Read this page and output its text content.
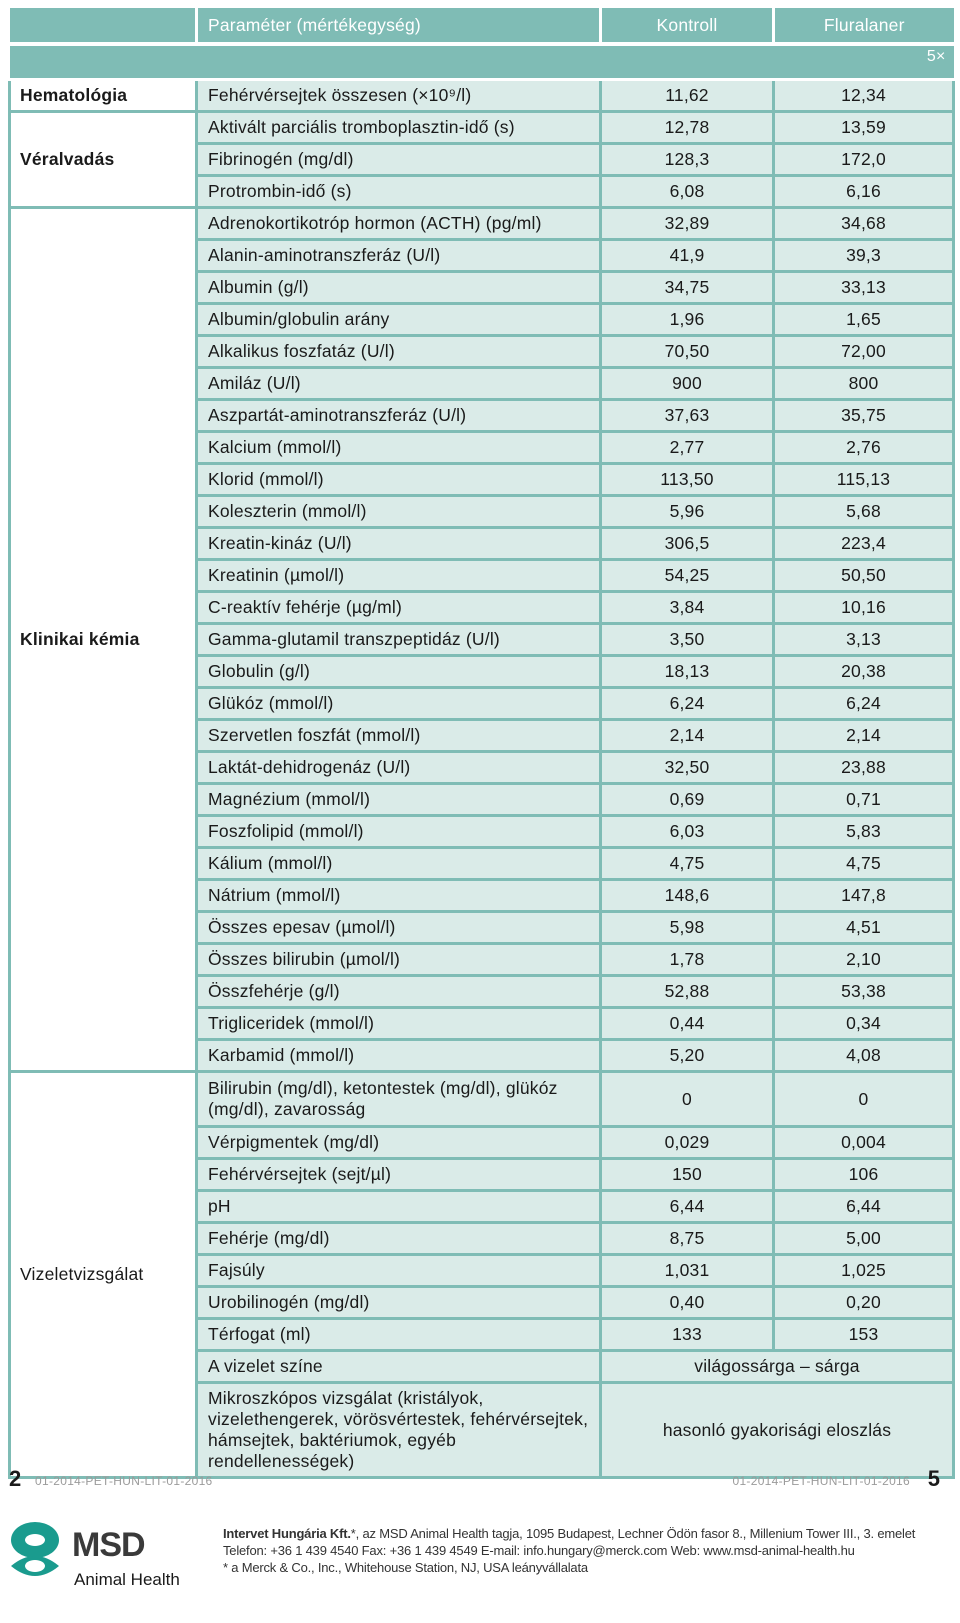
	Paraméter (mértékegység)	Kontroll	Fluralaner
			5×
Hematológia	Fehérvérsejtek összesen (×10⁹/l)	11,62	12,34
Véralvadás	Aktivált parciális tromboplasztin-idő (s)	12,78	13,59
	Fibrinogén (mg/dl)	128,3	172,0
	Protrombin-idő (s)	6,08	6,16
Klinikai kémia	Adrenokortikotróp hormon (ACTH) (pg/ml)	32,89	34,68
	Alanin-aminotranszferáz (U/l)	41,9	39,3
	Albumin (g/l)	34,75	33,13
	Albumin/globulin arány	1,96	1,65
	Alkalikus foszfatáz (U/l)	70,50	72,00
	Amiláz (U/l)	900	800
	Aszpartát-aminotranszferáz (U/l)	37,63	35,75
	Kalcium (mmol/l)	2,77	2,76
	Klorid (mmol/l)	113,50	115,13
	Koleszterin (mmol/l)	5,96	5,68
	Kreatin-kináz (U/l)	306,5	223,4
	Kreatinin (µmol/l)	54,25	50,50
	C-reaktív fehérje (µg/ml)	3,84	10,16
	Gamma-glutamil transzpeptidáz (U/l)	3,50	3,13
	Globulin (g/l)	18,13	20,38
	Glükóz (mmol/l)	6,24	6,24
	Szervetlen foszfát (mmol/l)	2,14	2,14
	Laktát-dehidrogenáz (U/l)	32,50	23,88
	Magnézium (mmol/l)	0,69	0,71
	Foszfolipid (mmol/l)	6,03	5,83
	Kálium (mmol/l)	4,75	4,75
	Nátrium (mmol/l)	148,6	147,8
	Összes epesav (µmol/l)	5,98	4,51
	Összes bilirubin (µmol/l)	1,78	2,10
	Összfehérje (g/l)	52,88	53,38
	Trigliceridek (mmol/l)	0,44	0,34
	Karbamid (mmol/l)	5,20	4,08
Vizeletvizsgálat	Bilirubin (mg/dl), ketontestek (mg/dl), glükóz (mg/dl), zavarosság	0	0
	Vérpigmentek (mg/dl)	0,029	0,004
	Fehérvérsejtek (sejt/µl)	150	106
	pH	6,44	6,44
	Fehérje (mg/dl)	8,75	5,00
	Fajsúly	1,031	1,025
	Urobilinogén (mg/dl)	0,40	0,20
	Térfogat (ml)	133	153
	A vizelet színe	világossárga – sárga	
	Mikroszkópos vizsgálat (kristályok, vizelethengerek, vörösvértestek, fehérvérsejtek, hámsejtek, baktériumok, egyéb rendellenességek)	hasonló gyakorisági eloszlás	
2 01-2014-PET-HUN-LIT-01-2016	01-2014-PET-HUN-LIT-01-2016 5
MSD
Animal Health
Intervet Hungária Kft.*, az MSD Animal Health tagja, 1095 Budapest, Lechner Ödön fasor 8., Millenium Tower III., 3. emelet
Telefon: +36 1 439 4540 Fax: +36 1 439 4549 E-mail: info.hungary@merck.com Web: www.msd-animal-health.hu
* a Merck & Co., Inc., Whitehouse Station, NJ, USA leányvállalata
